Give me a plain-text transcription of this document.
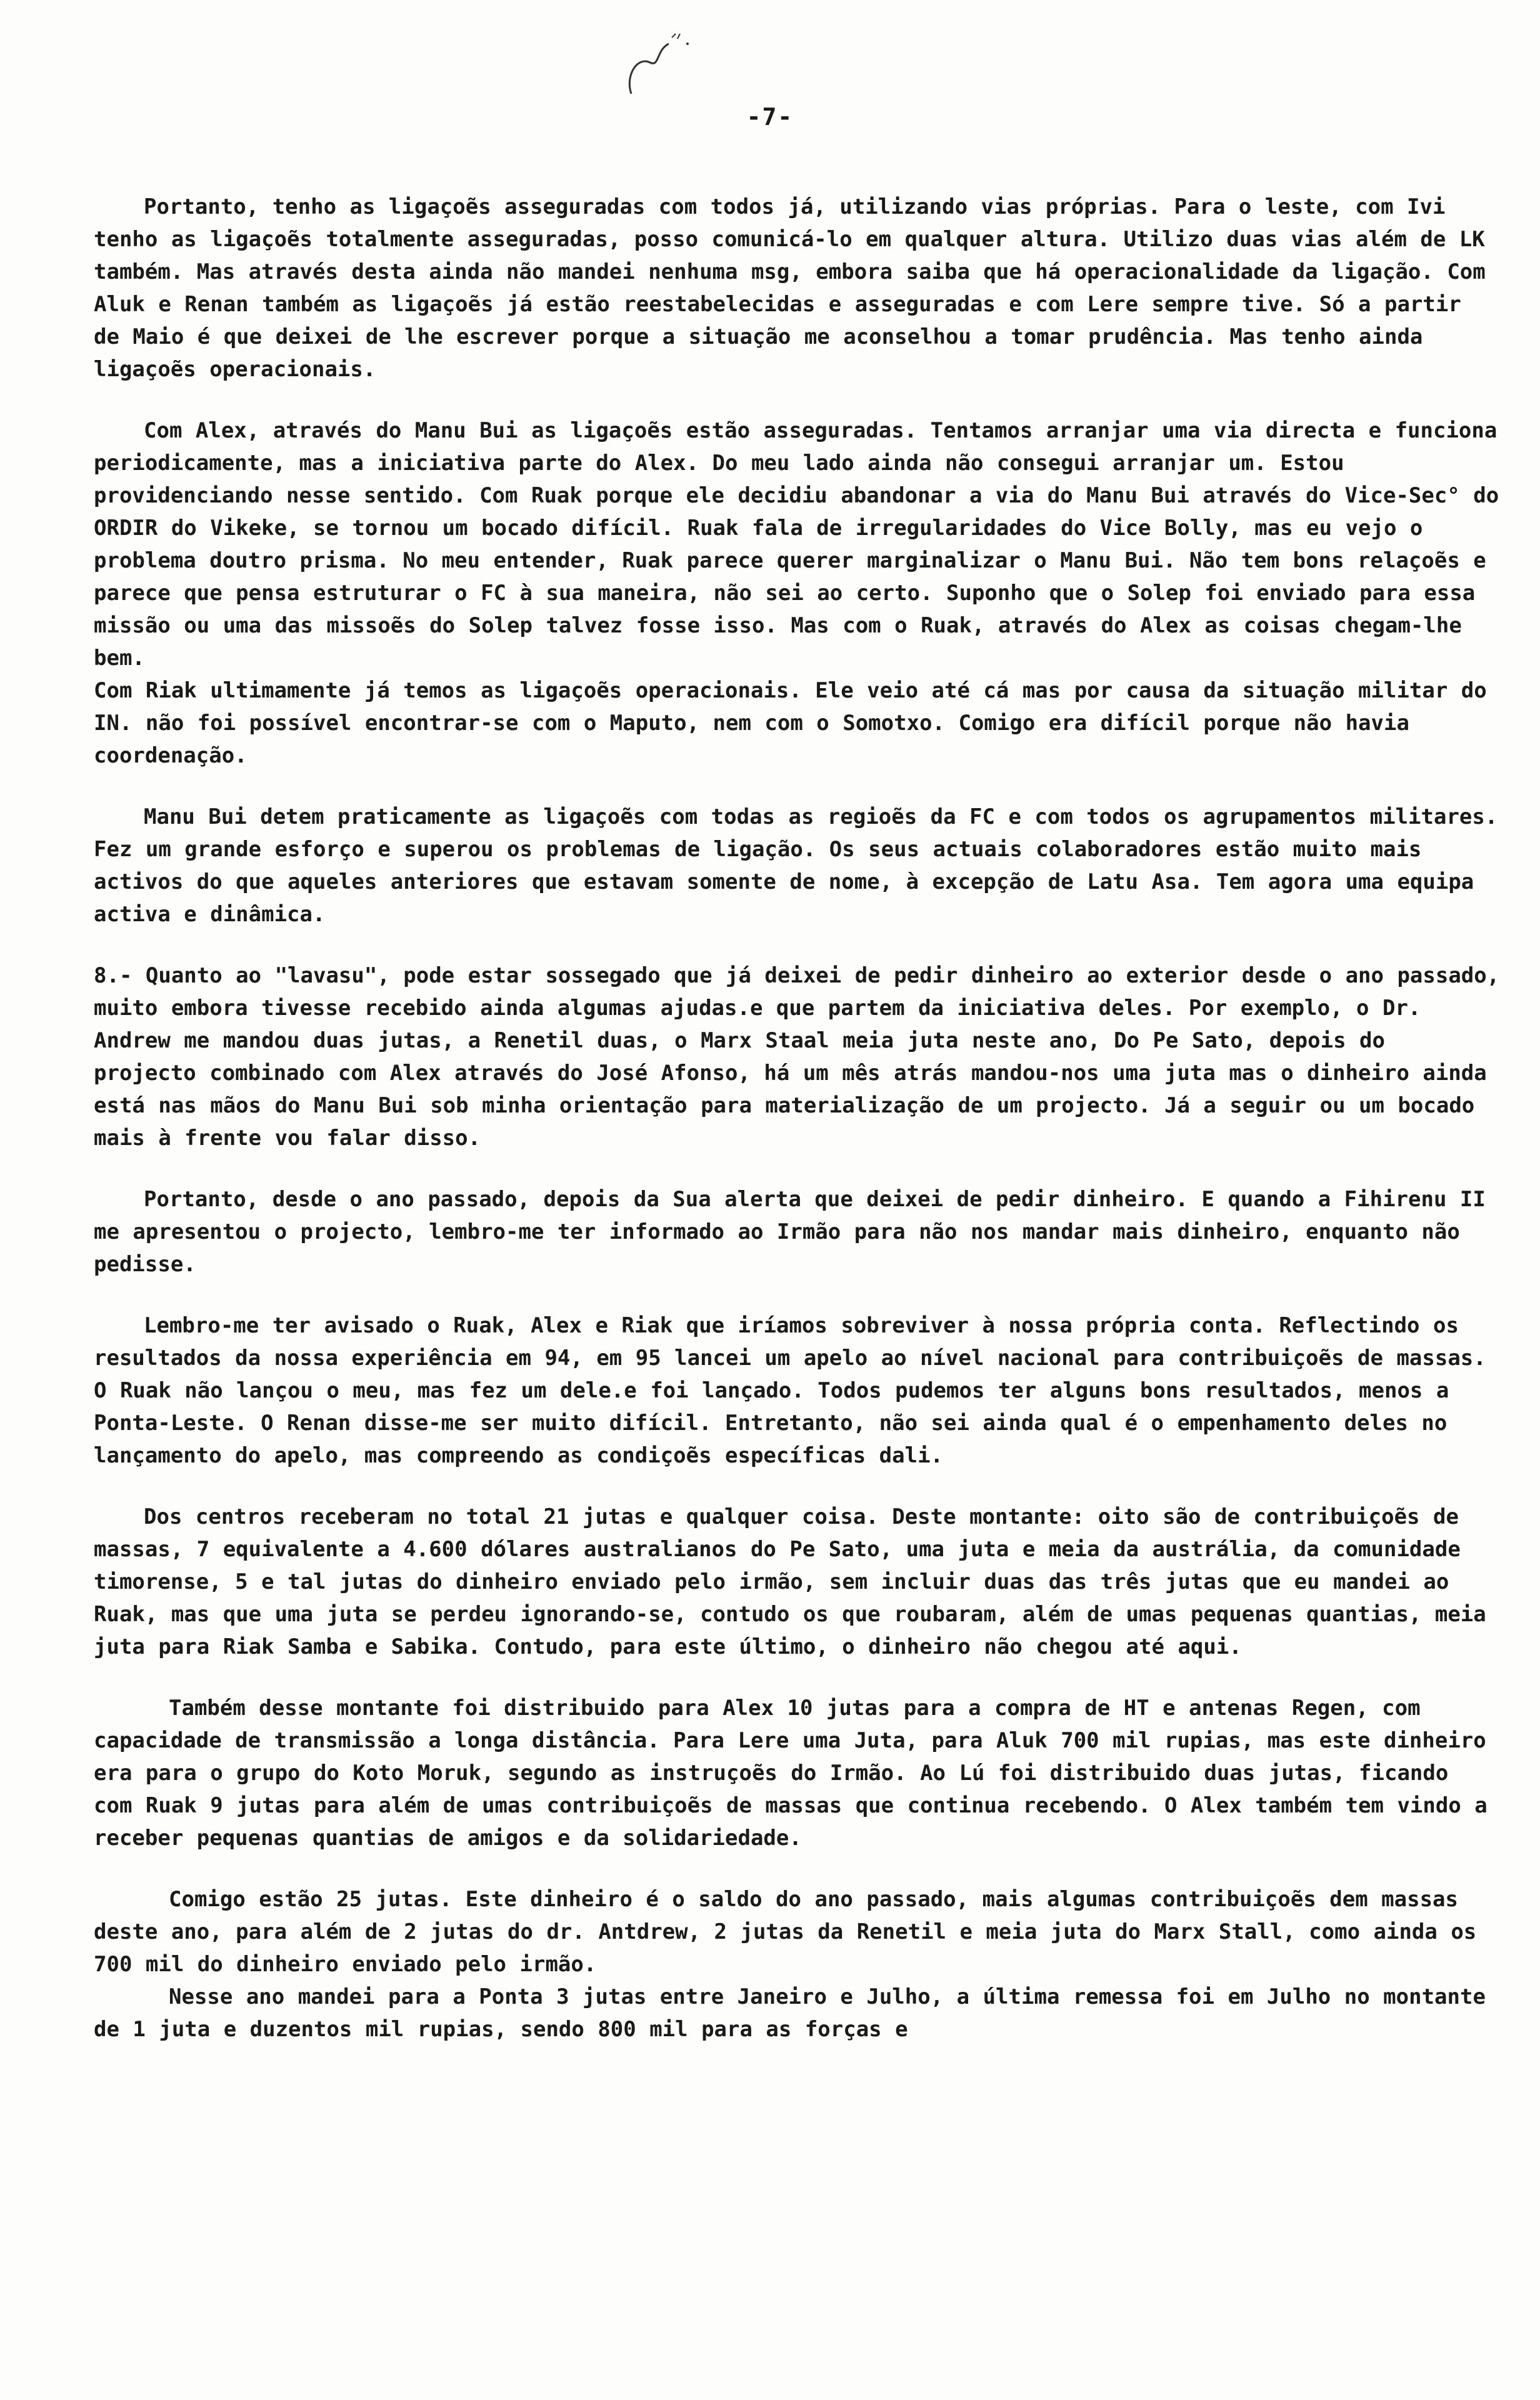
-7-

Portanto, tenho as ligaçoẽs asseguradas com todos já, utilizando vias próprias. Para o leste, com Ivi tenho as ligaçoẽs totalmente asseguradas, posso comunicá-lo em qualquer altura. Utilizo duas vias além de LK também. Mas através desta ainda não mandei nenhuma msg, embora saiba que há operacionalidade da ligação. Com Aluk e Renan também as ligaçoẽs já estão reestabelecidas e asseguradas e com Lere sempre tive. Só a partir de Maio é que deixei de lhe escrever porque a situação me aconselhou a tomar prudência. Mas tenho ainda ligaçoẽs operacionais.

Com Alex, através do Manu Bui as ligaçoẽs estão asseguradas. Tentamos arranjar uma via directa e funciona periodicamente, mas a iniciativa parte do Alex. Do meu lado ainda não consegui arranjar um. Estou providenciando nesse sentido. Com Ruak porque ele decidiu abandonar a via do Manu Bui através do Vice-Sec° do ORDIR do Vikeke, se tornou um bocado difícil. Ruak fala de irregularidades do Vice Bolly, mas eu vejo o problema doutro prisma. No meu entender, Ruak parece querer marginalizar o Manu Bui. Não tem bons relaçoẽs e parece que pensa estruturar o FC à sua maneira, não sei ao certo. Suponho que o Solep foi enviado para essa missão ou uma das missoẽs do Solep talvez fosse isso. Mas com o Ruak, através do Alex as coisas chegam-lhe bem.

Com Riak ultimamente já temos as ligaçoẽs operacionais. Ele veio até cá mas por causa da situação militar do IN. não foi possível encontrar-se com o Maputo, nem com o Somotxo. Comigo era difícil porque não havia coordenação.

Manu Bui detem praticamente as ligaçoẽs com todas as regioẽs da FC e com todos os agrupamentos militares. Fez um grande esforço e superou os problemas de ligação. Os seus actuais colaboradores estão muito mais activos do que aqueles anteriores que estavam somente de nome, à excepção de Latu Asa. Tem agora uma equipa activa e dinâmica.

8.- Quanto ao "lavasu", pode estar sossegado que já deixei de pedir dinheiro ao exterior desde o ano passado, muito embora tivesse recebido ainda algumas ajudas.e que partem da iniciativa deles. Por exemplo, o Dr. Andrew me mandou duas jutas, a Renetil duas, o Marx Staal meia juta neste ano, Do Pe Sato, depois do projecto combinado com Alex através do José Afonso, há um mês atrás mandou-nos uma juta mas o dinheiro ainda está nas mãos do Manu Bui sob minha orientação para materialização de um projecto. Já a seguir ou um bocado mais à frente vou falar disso.

Portanto, desde o ano passado, depois da Sua alerta que deixei de pedir dinheiro. E quando a Fihirenu II me apresentou o projecto, lembro-me ter informado ao Irmão para não nos mandar mais dinheiro, enquanto não pedisse.

Lembro-me ter avisado o Ruak, Alex e Riak que iríamos sobreviver à nossa própria conta. Reflectindo os resultados da nossa experiência em 94, em 95 lancei um apelo ao nível nacional para contribuiçoẽs de massas. O Ruak não lançou o meu, mas fez um dele.e foi lançado. Todos pudemos ter alguns bons resultados, menos a Ponta-Leste. O Renan disse-me ser muito difícil. Entretanto, não sei ainda qual é o empenhamento deles no lançamento do apelo, mas compreendo as condiçoẽs específicas dali.

Dos centros receberam no total 21 jutas e qualquer coisa. Deste montante: oito são de contribuiçoẽs de massas, 7 equivalente a 4.600 dólares australianos do Pe Sato, uma juta e meia da austrália, da comunidade timorense, 5 e tal jutas do dinheiro enviado pelo irmão, sem incluir duas das três jutas que eu mandei ao Ruak, mas que uma juta se perdeu ignorando-se, contudo os que roubaram, além de umas pequenas quantias, meia juta para Riak Samba e Sabika. Contudo, para este último, o dinheiro não chegou até aqui.

Também desse montante foi distribuido para Alex 10 jutas para a compra de HT e antenas Regen, com capacidade de transmissão a longa distância. Para Lere uma Juta, para Aluk 700 mil rupias, mas este dinheiro era para o grupo do Koto Moruk, segundo as instruçoẽs do Irmão. Ao Lú foi distribuido duas jutas, ficando com Ruak 9 jutas para além de umas contribuiçoẽs de massas que continua recebendo. O Alex também tem vindo a receber pequenas quantias de amigos e da solidariedade.

Comigo estão 25 jutas. Este dinheiro é o saldo do ano passado, mais algumas contribuiçoẽs dem massas deste ano, para além de 2 jutas do dr. Antdrew, 2 jutas da Renetil e meia juta do Marx Stall, como ainda os 700 mil do dinheiro enviado pelo irmão.

Nesse ano mandei para a Ponta 3 jutas entre Janeiro e Julho, a última remessa foi em Julho no montante de 1 juta e duzentos mil rupias, sendo 800 mil para as forças e
